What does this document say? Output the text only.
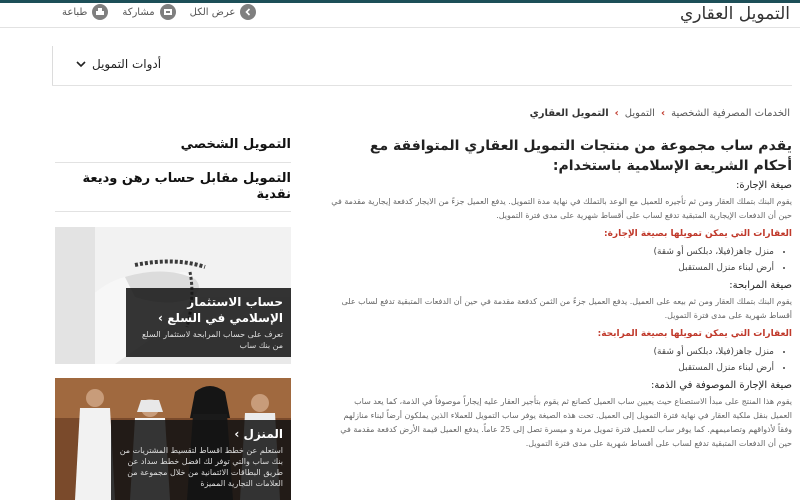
التمويل العقاري
عرض الكل
مشاركة
طباعة
أدوات التمويل
الخدمات المصرفية الشخصية
›
التمويل
›
التمويل العقاري
يقدم ساب مجموعة من منتجات التمويل العقاري المتوافقة مع أحكام الشريعة الإسلامية باستخدام:
صيغة الإجارة:

يقوم البنك بتملك العقار ومن ثم تأجيره للعميل مع الوعد بالتملك في نهاية مدة التمويل. يدفع العميل جزءً من الايجار كدفعة إيجارية مقدمة في حين أن الدفعات الإيجارية المتبقية تدفع لساب على أقساط شهرية على مدى فترة التمويل.

العقارات التي يمكن تمويلها بصيغة الإجارة:
• منزل جاهز(فيلا، دبلكس أو شقة)
• أرض لبناء منزل المستقبل
صيغة المرابحة:

يقوم البنك بتملك العقار ومن ثم بيعه على العميل. يدفع العميل جزءً من الثمن كدفعة مقدمة في حين أن الدفعات المتبقية تدفع لساب على أقساط شهرية على مدى فترة التمويل.

العقارات التي يمكن تمويلها بصيغة المرابحة:
• منزل جاهز(فيلا، دبلكس أو شقة)
• أرض لبناء منزل المستقبل
صيغة الإجارة الموصوفة في الذمة:

يقوم هذا المنتج على مبدأ الاستصناع حيث يعيين ساب العميل كصانع ثم يقوم بتأجير العقار عليه إيجاراً موصوفاً في الذمة، كما يعد ساب العميل بنقل ملكية العقار في نهاية فترة التمويل إلى العميل. تحت هذه الصيغة يوفر ساب التمويل للعملاء الذين يملكون أرضاً لبناء منازلهم وفقاً لأذواقهم وتصاميمهم. كما يوفر ساب للعميل فترة تمويل مرنة و ميسرة تصل إلى 25 عاماً. يدفع العميل قيمة الأرض كدفعة مقدمة في حين أن الدفعات المتبقية تدفع لساب على أقساط شهرية على مدى فترة التمويل.

التمويل الشخصي
التمويل مقابل حساب رهن وديعة نقدية
حساب الاستثمار الإسلامي في السلع ›
تعرف على حساب المرابحة لاستثمار السلع من بنك ساب
المنزل ›
استعلم عن خطط اقساط لتقسيط المشتريات من بنك ساب والتي توفر لك افضل خطط سداد عن طريق البطاقات الائتمانية من خلال مجموعة من العلامات التجارية المميزة
